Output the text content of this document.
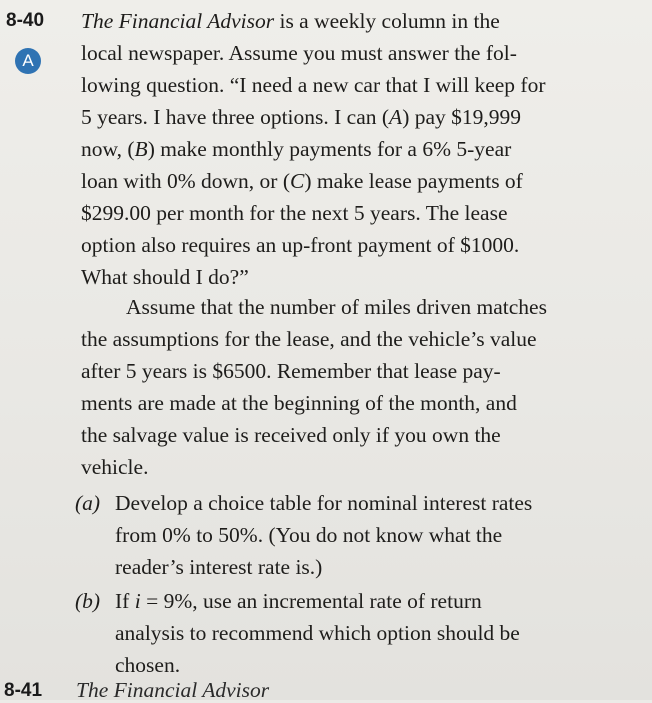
8-40
A
The Financial Advisor is a weekly column in the
local newspaper. Assume you must answer the fol-
lowing question. “I need a new car that I will keep for
5 years. I have three options. I can (A) pay $19,999
now, (B) make monthly payments for a 6% 5-year
loan with 0% down, or (C) make lease payments of
$299.00 per month for the next 5 years. The lease
option also requires an up-front payment of $1000.
What should I do?”
Assume that the number of miles driven matches
the assumptions for the lease, and the vehicle’s value
after 5 years is $6500. Remember that lease pay-
ments are made at the beginning of the month, and
the salvage value is received only if you own the
vehicle.
(a) Develop a choice table for nominal interest rates
from 0% to 50%. (You do not know what the
reader’s interest rate is.)
(b) If i = 9%, use an incremental rate of return
analysis to recommend which option should be
chosen.
8-41 The Financial Advisor
